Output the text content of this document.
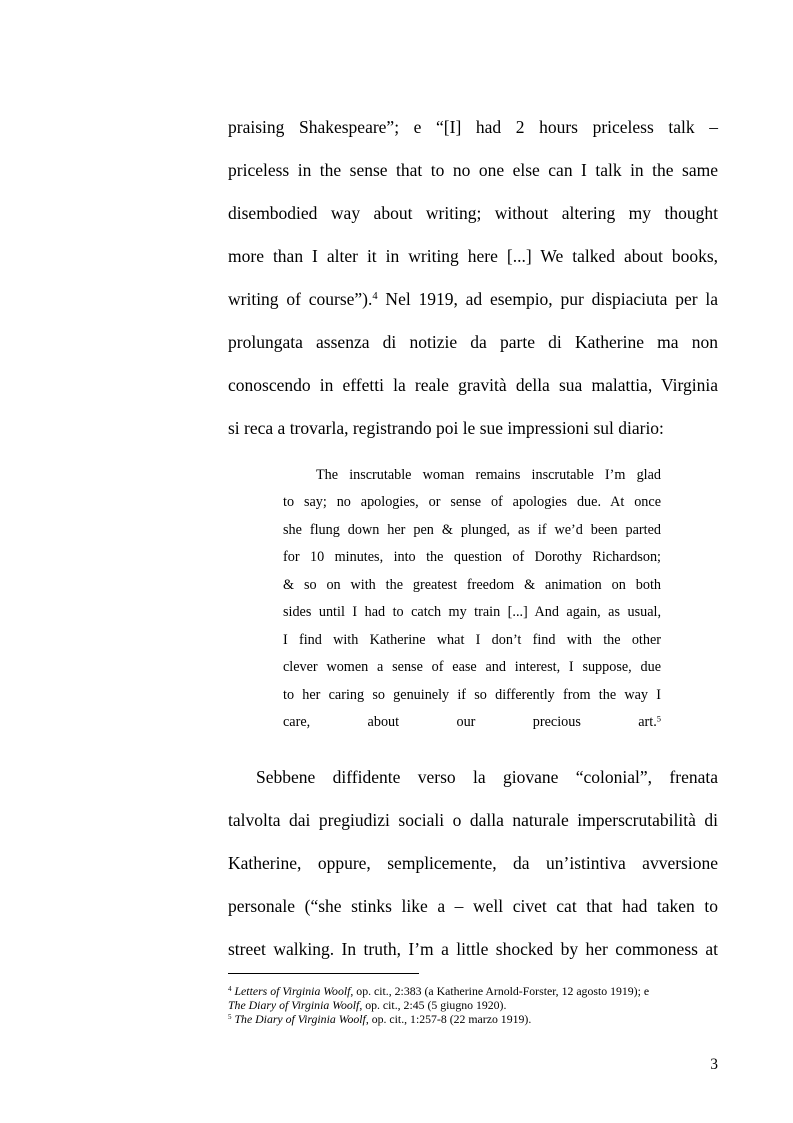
praising Shakespeare”; e “[I] had 2 hours priceless talk –
priceless in the sense that to no one else can I talk in the same
disembodied way about writing; without altering my thought
more than I alter it in writing here [...] We talked about books,
writing of course”).$^4$ Nel 1919, ad esempio, pur dispiaciuta per la
prolungata assenza di notizie da parte di Katherine ma non
conoscendo in effetti la reale gravità della sua malattia, Virginia
si reca a trovarla, registrando poi le sue impressioni sul diario:
The inscrutable woman remains inscrutable I’m glad
to say; no apologies, or sense of apologies due. At once
she flung down her pen & plunged, as if we’d been parted
for 10 minutes, into the question of Dorothy Richardson;
& so on with the greatest freedom & animation on both
sides until I had to catch my train [...] And again, as usual,
I find with Katherine what I don’t find with the other
clever women a sense of ease and interest, I suppose, due
to her caring so genuinely if so differently from the way I
care, about our precious art.$^5$
Sebbene diffidente verso la giovane “colonial”, frenata
talvolta dai pregiudizi sociali o dalla naturale imperscrutabilità di
Katherine, oppure, semplicemente, da un’istintiva avversione
personale (“she stinks like a – well civet cat that had taken to
street walking. In truth, I’m a little shocked by her commoness at
$^4$ Letters of Virginia Woolf, op. cit., 2:383 (a Katherine Arnold-Forster, 12 agosto 1919); e
The Diary of Virginia Woolf, op. cit., 2:45 (5 giugno 1920).
$^5$ The Diary of Virginia Woolf, op. cit., 1:257-8 (22 marzo 1919).
3
